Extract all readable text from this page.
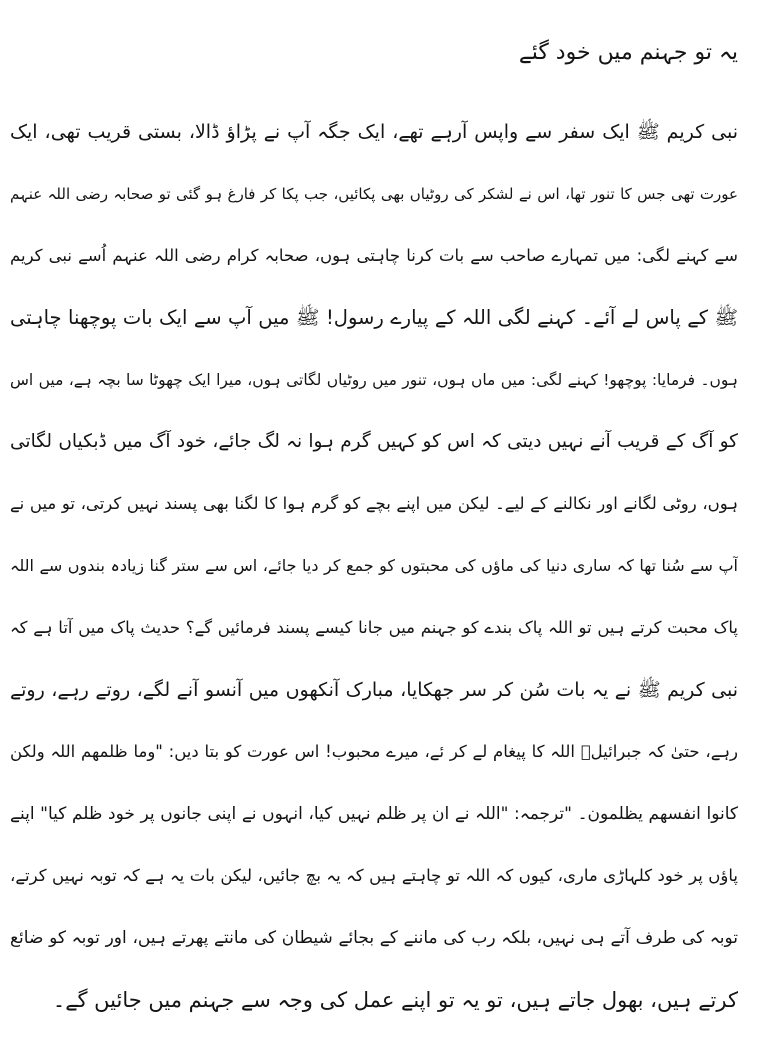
یہ تو جہنم میں خود گئے
نبی کریم ﷺ ایک سفر سے واپس آرہے تھے، ایک جگہ آپ نے پڑاؤ ڈالا، بستی قریب تھی، ایک
عورت تھی جس کا تنور تھا، اس نے لشکر کی روٹیاں بھی پکائیں، جب پکا کر فارغ ہو گئی تو صحابہ رضی اللہ عنہم
سے کہنے لگی: میں تمہارے صاحب سے بات کرنا چاہتی ہوں، صحابہ کرام رضی اللہ عنہم اُسے نبی کریم
ﷺ کے پاس لے آئے۔ کہنے لگی اللہ کے پیارے رسول! ﷺ میں آپ سے ایک بات پوچھنا چاہتی
ہوں۔ فرمایا: پوچھو! کہنے لگی: میں ماں ہوں، تنور میں روٹیاں لگاتی ہوں، میرا ایک چھوٹا سا بچہ ہے، میں اس
کو آگ کے قریب آنے نہیں دیتی کہ اس کو کہیں گرم ہوا نہ لگ جائے، خود آگ میں ڈبکیاں لگاتی
ہوں، روٹی لگانے اور نکالنے کے لیے۔ لیکن میں اپنے بچے کو گرم ہوا کا لگنا بھی پسند نہیں کرتی، تو میں نے
آپ سے سُنا تھا کہ ساری دنیا کی ماؤں کی محبتوں کو جمع کر دیا جائے، اس سے ستر گنا زیادہ بندوں سے اللہ
پاک محبت کرتے ہیں تو اللہ پاک بندے کو جہنم میں جانا کیسے پسند فرمائیں گے؟ حدیث پاک میں آتا ہے کہ
نبی کریم ﷺ نے یہ بات سُن کر سر جھکایا، مبارک آنکھوں میں آنسو آنے لگے، روتے رہے، روتے
رہے، حتیٰ کہ جبرائیلؑ اللہ کا پیغام لے کر ئے، میرے محبوب! اس عورت کو بتا دیں: "وما ظلمھم اللہ ولکن
کانوا انفسھم یظلمون۔ "ترجمہ: "اللہ نے ان پر ظلم نہیں کیا، انہوں نے اپنی جانوں پر خود ظلم کیا" اپنے
پاؤں پر خود کلہاڑی ماری، کیوں کہ اللہ تو چاہتے ہیں کہ یہ بچ جائیں، لیکن بات یہ ہے کہ توبہ نہیں کرتے،
توبہ کی طرف آتے ہی نہیں، بلکہ رب کی ماننے کے بجائے شیطان کی مانتے پھرتے ہیں، اور توبہ کو ضائع
کرتے ہیں، بھول جاتے ہیں، تو یہ تو اپنے عمل کی وجہ سے جہنم میں جائیں گے۔
